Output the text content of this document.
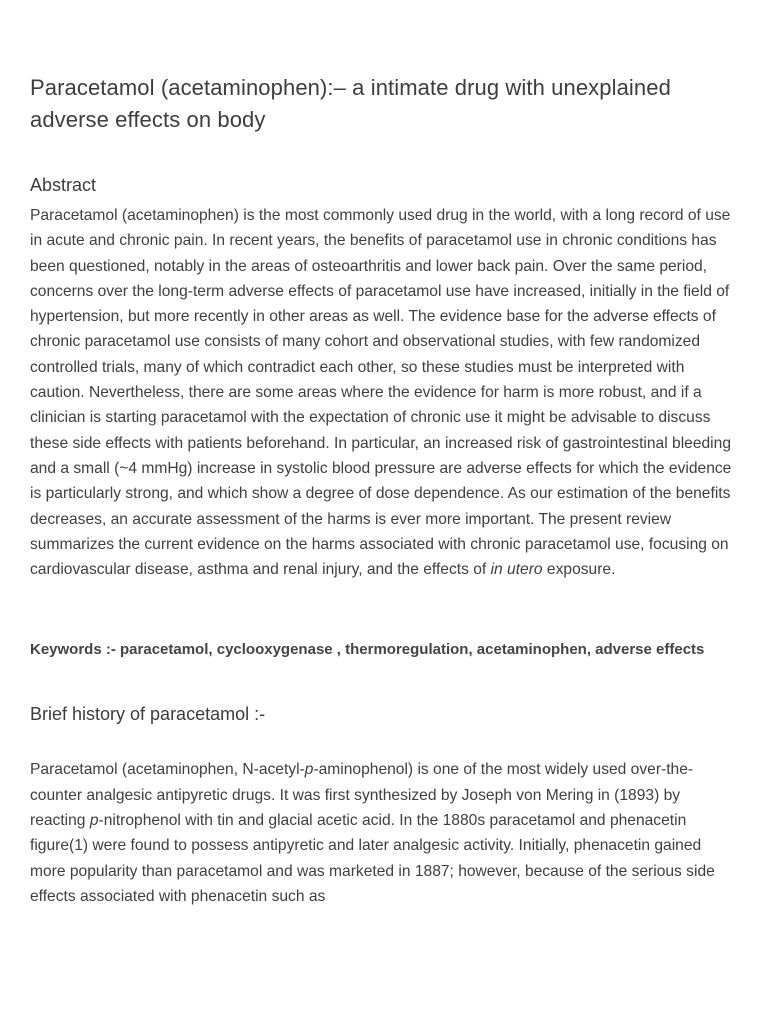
Paracetamol (acetaminophen):– a intimate drug with unexplained adverse effects on body
Abstract

Paracetamol (acetaminophen) is the most commonly used drug in the world, with a long record of use in acute and chronic pain. In recent years, the benefits of paracetamol use in chronic conditions has been questioned, notably in the areas of osteoarthritis and lower back pain. Over the same period, concerns over the long-term adverse effects of paracetamol use have increased, initially in the field of hypertension, but more recently in other areas as well. The evidence base for the adverse effects of chronic paracetamol use consists of many cohort and observational studies, with few randomized controlled trials, many of which contradict each other, so these studies must be interpreted with caution. Nevertheless, there are some areas where the evidence for harm is more robust, and if a clinician is starting paracetamol with the expectation of chronic use it might be advisable to discuss these side effects with patients beforehand. In particular, an increased risk of gastrointestinal bleeding and a small (~4 mmHg) increase in systolic blood pressure are adverse effects for which the evidence is particularly strong, and which show a degree of dose dependence. As our estimation of the benefits decreases, an accurate assessment of the harms is ever more important. The present review summarizes the current evidence on the harms associated with chronic paracetamol use, focusing on cardiovascular disease, asthma and renal injury, and the effects of in utero exposure.

Keywords :- paracetamol, cyclooxygenase , thermoregulation, acetaminophen, adverse effects
Brief history of paracetamol :-

Paracetamol (acetaminophen, N-acetyl-p-aminophenol) is one of the most widely used over-the-counter analgesic antipyretic drugs. It was first synthesized by Joseph von Mering in (1893) by reacting p-nitrophenol with tin and glacial acetic acid. In the 1880s paracetamol and phenacetin figure(1) were found to possess antipyretic and later analgesic activity. Initially, phenacetin gained more popularity than paracetamol and was marketed in 1887; however, because of the serious side effects associated with phenacetin such as
